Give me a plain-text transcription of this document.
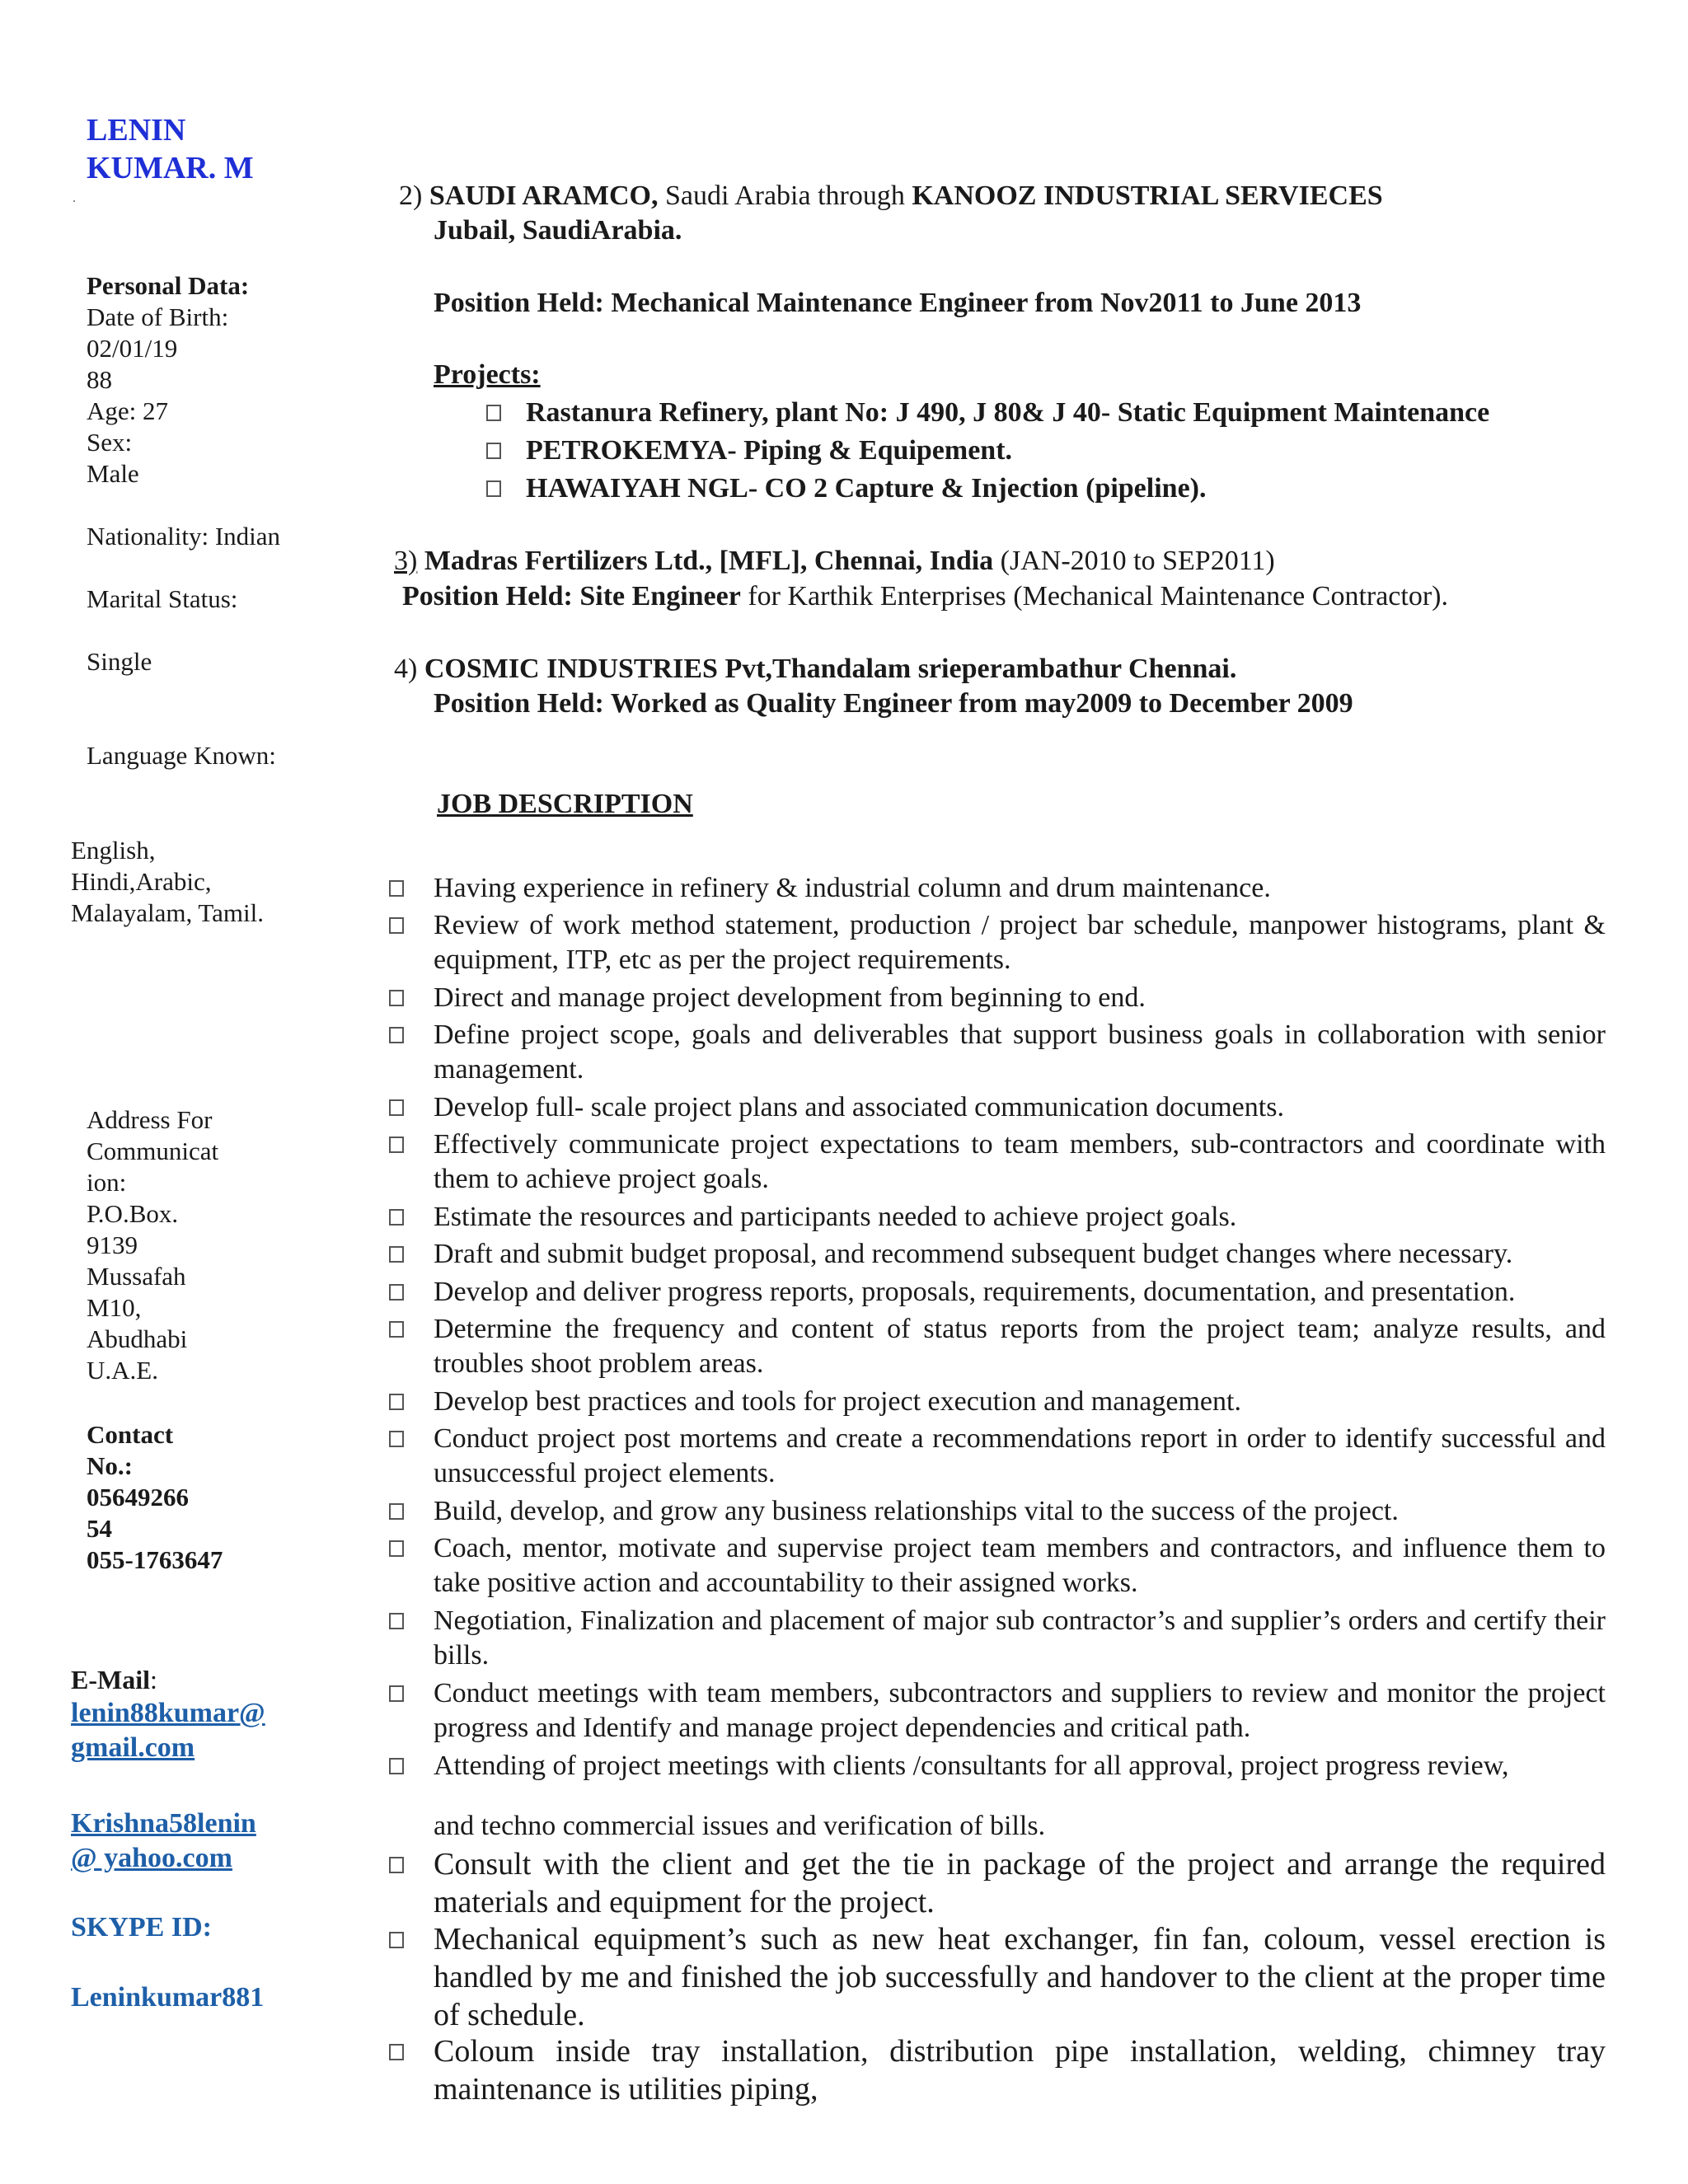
LENIN
KUMAR. M
.
Personal Data:
Date of Birth:
02/01/19
88
Age: 27
Sex:
Male
Nationality: Indian
Marital Status:
Single
Language Known:
English,
Hindi,Arabic,
Malayalam, Tamil.
Address For
Communicat
ion:
P.O.Box.
9139
Mussafah
M10,
Abudhabi
U.A.E.
Contact
No.:
05649266
54
055-1763647
E-Mail:
lenin88kumar@
gmail.com
Krishna58lenin
@ yahoo.com
SKYPE ID:
Leninkumar881
2) SAUDI ARAMCO, Saudi Arabia through KANOOZ INDUSTRIAL SERVIECES
Jubail, SaudiArabia.
Position Held: Mechanical Maintenance Engineer from Nov2011 to June 2013
Projects:
Rastanura Refinery, plant No: J 490, J 80& J 40- Static Equipment Maintenance
PETROKEMYA- Piping & Equipement.
HAWAIYAH NGL- CO 2 Capture & Injection (pipeline).
3) Madras Fertilizers Ltd., [MFL], Chennai, India (JAN-2010 to SEP2011)
Position Held: Site Engineer for Karthik Enterprises (Mechanical Maintenance Contractor).
4) COSMIC INDUSTRIES Pvt,Thandalam srieperambathur Chennai.
Position Held: Worked as Quality Engineer from may2009 to December 2009
JOB DESCRIPTION
Having experience in refinery & industrial column and drum maintenance.
Review of work method statement, production / project bar schedule, manpower histograms, plant & equipment, ITP, etc as per the project requirements.
Direct and manage project development from beginning to end.
Define project scope, goals and deliverables that support business goals in collaboration with senior management.
Develop full- scale project plans and associated communication documents.
Effectively communicate project expectations to team members, sub-contractors and coordinate with them to achieve project goals.
Estimate the resources and participants needed to achieve project goals.
Draft and submit budget proposal, and recommend subsequent budget changes where necessary.
Develop and deliver progress reports, proposals, requirements, documentation, and presentation.
Determine the frequency and content of status reports from the project team; analyze results, and troubles shoot problem areas.
Develop best practices and tools for project execution and management.
Conduct project post mortems and create a recommendations report in order to identify successful and unsuccessful project elements.
Build, develop, and grow any business relationships vital to the success of the project.
Coach, mentor, motivate and supervise project team members and contractors, and influence them to take positive action and accountability to their assigned works.
Negotiation, Finalization and placement of major sub contractor’s and supplier’s orders and certify their bills.
Conduct meetings with team members, subcontractors and suppliers to review and monitor the project progress and Identify and manage project dependencies and critical path.
Attending of project meetings with clients /consultants for all approval, project progress review,
Consult with the client and get the tie in package of the project and arrange the required materials and equipment for the project.
Mechanical equipment’s such as new heat exchanger, fin fan, coloum, vessel erection is handled by me and finished the job successfully and handover to the client at the proper time of schedule.
Coloum inside tray installation, distribution pipe installation, welding, chimney tray maintenance is utilities piping,
and techno commercial issues and verification of bills.
